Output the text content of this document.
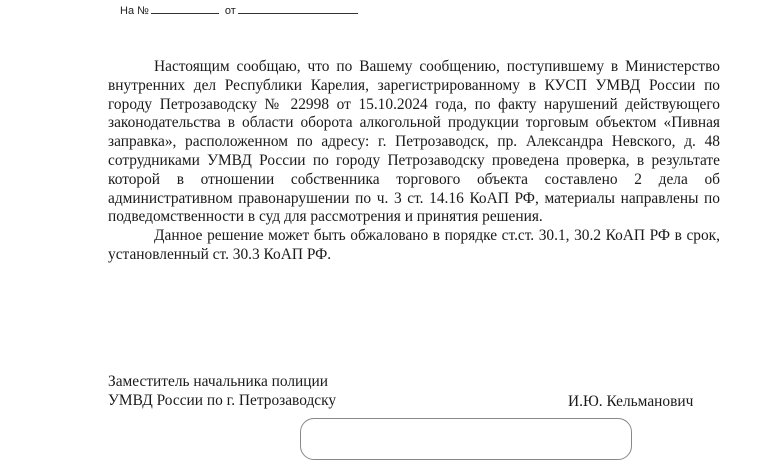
На №	от

Настоящим сообщаю, что по Вашему сообщению, поступившему в Министерство внутренних дел Республики Карелия, зарегистрированному в КУСП УМВД России по городу Петрозаводску № 22998 от 15.10.2024 года, по факту нарушений действующего законодательства в области оборота алкогольной продукции торговым объектом «Пивная заправка», расположенном по адресу: г. Петрозаводск, пр. Александра Невского, д. 48 сотрудниками УМВД России по городу Петрозаводску проведена проверка, в результате которой в отношении собственника торгового объекта составлено 2 дела об административном правонарушении по ч. 3 ст. 14.16 КоАП РФ, материалы направлены по подведомственности в суд для рассмотрения и принятия решения.

Данное решение может быть обжаловано в порядке ст.ст. 30.1, 30.2 КоАП РФ в срок, установленный ст. 30.3 КоАП РФ.

Заместитель начальника полиции
УМВД России по г. Петрозаводску	И.Ю. Кельманович
